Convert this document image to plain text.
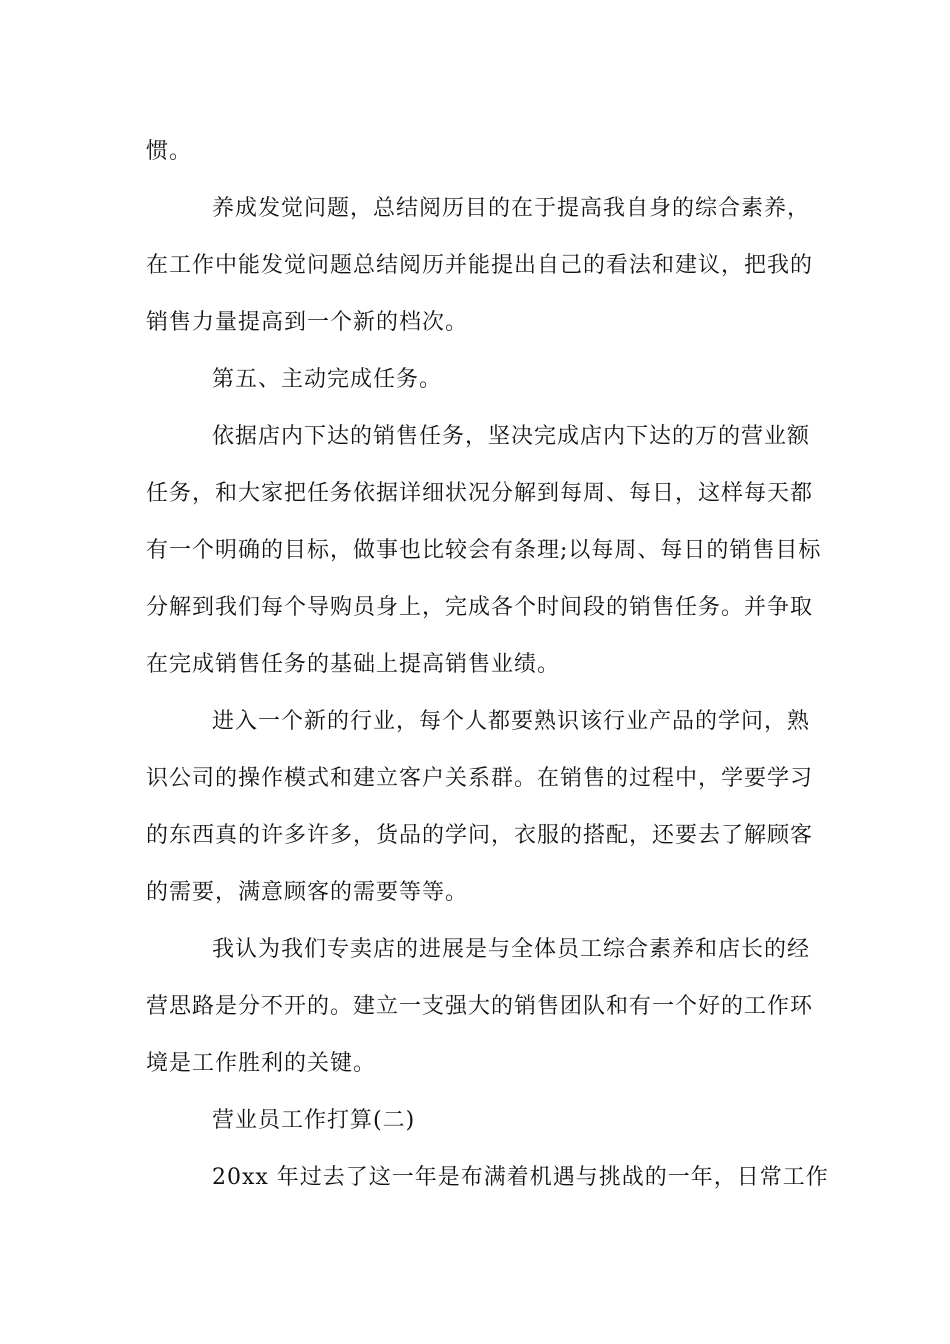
惯。
养成发觉问题，总结阅历目的在于提高我自身的综合素养，
在工作中能发觉问题总结阅历并能提出自己的看法和建议，把我的
销售力量提高到一个新的档次。
第五、主动完成任务。
依据店内下达的销售任务，坚决完成店内下达的万的营业额
任务，和大家把任务依据详细状况分解到每周、每日，这样每天都
有一个明确的目标，做事也比较会有条理;以每周、每日的销售目标
分解到我们每个导购员身上，完成各个时间段的销售任务。并争取
在完成销售任务的基础上提高销售业绩。
进入一个新的行业，每个人都要熟识该行业产品的学问，熟
识公司的操作模式和建立客户关系群。在销售的过程中，学要学习
的东西真的许多许多，货品的学问，衣服的搭配，还要去了解顾客
的需要，满意顾客的需要等等。
我认为我们专卖店的进展是与全体员工综合素养和店长的经
营思路是分不开的。建立一支强大的销售团队和有一个好的工作环
境是工作胜利的关键。
营业员工作打算(二)
20xx 年过去了这一年是布满着机遇与挑战的一年，日常工作
